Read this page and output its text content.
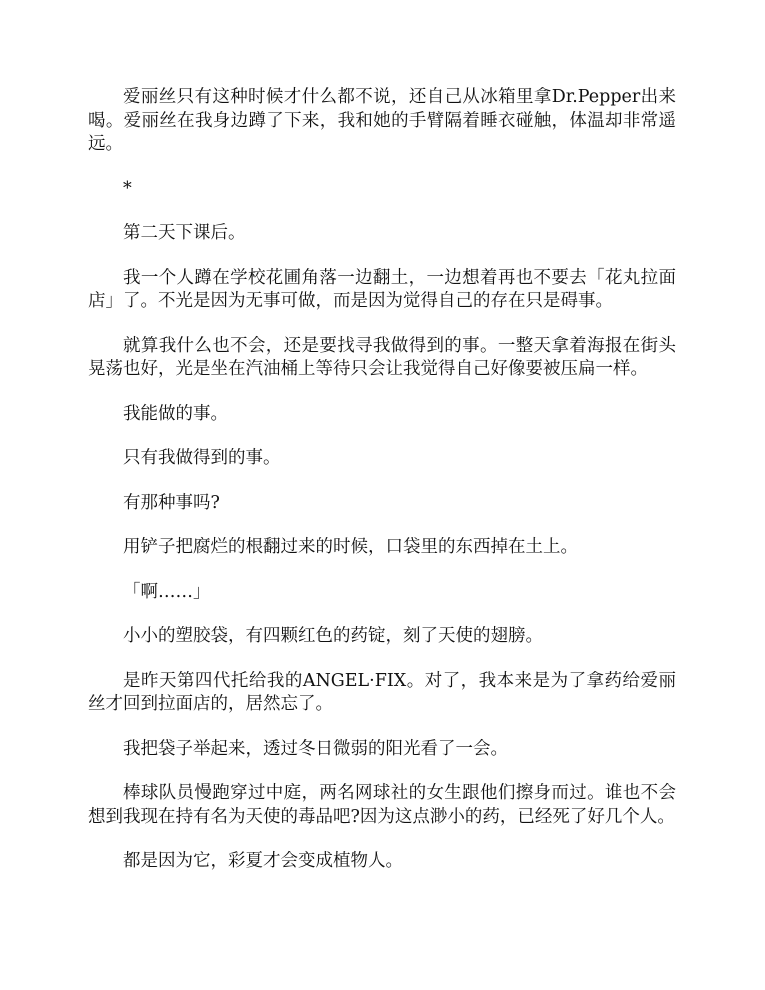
爱丽丝只有这种时候才什么都不说，还自己从冰箱里拿Dr.Pepper出来喝。爱丽丝在我身边蹲了下来，我和她的手臂隔着睡衣碰触，体温却非常遥远。

*

第二天下课后。

我一个人蹲在学校花圃角落一边翻土，一边想着再也不要去「花丸拉面店」了。不光是因为无事可做，而是因为觉得自己的存在只是碍事。

就算我什么也不会，还是要找寻我做得到的事。一整天拿着海报在街头晃荡也好，光是坐在汽油桶上等待只会让我觉得自己好像要被压扁一样。

我能做的事。

只有我做得到的事。

有那种事吗?

用铲子把腐烂的根翻过来的时候，口袋里的东西掉在土上。

「啊……」

小小的塑胶袋，有四颗红色的药锭，刻了天使的翅膀。

是昨天第四代托给我的ANGEL·FIX。对了，我本来是为了拿药给爱丽丝才回到拉面店的，居然忘了。

我把袋子举起来，透过冬日微弱的阳光看了一会。

棒球队员慢跑穿过中庭，两名网球社的女生跟他们擦身而过。谁也不会想到我现在持有名为天使的毒品吧?因为这点渺小的药，已经死了好几个人。

都是因为它，彩夏才会变成植物人。
